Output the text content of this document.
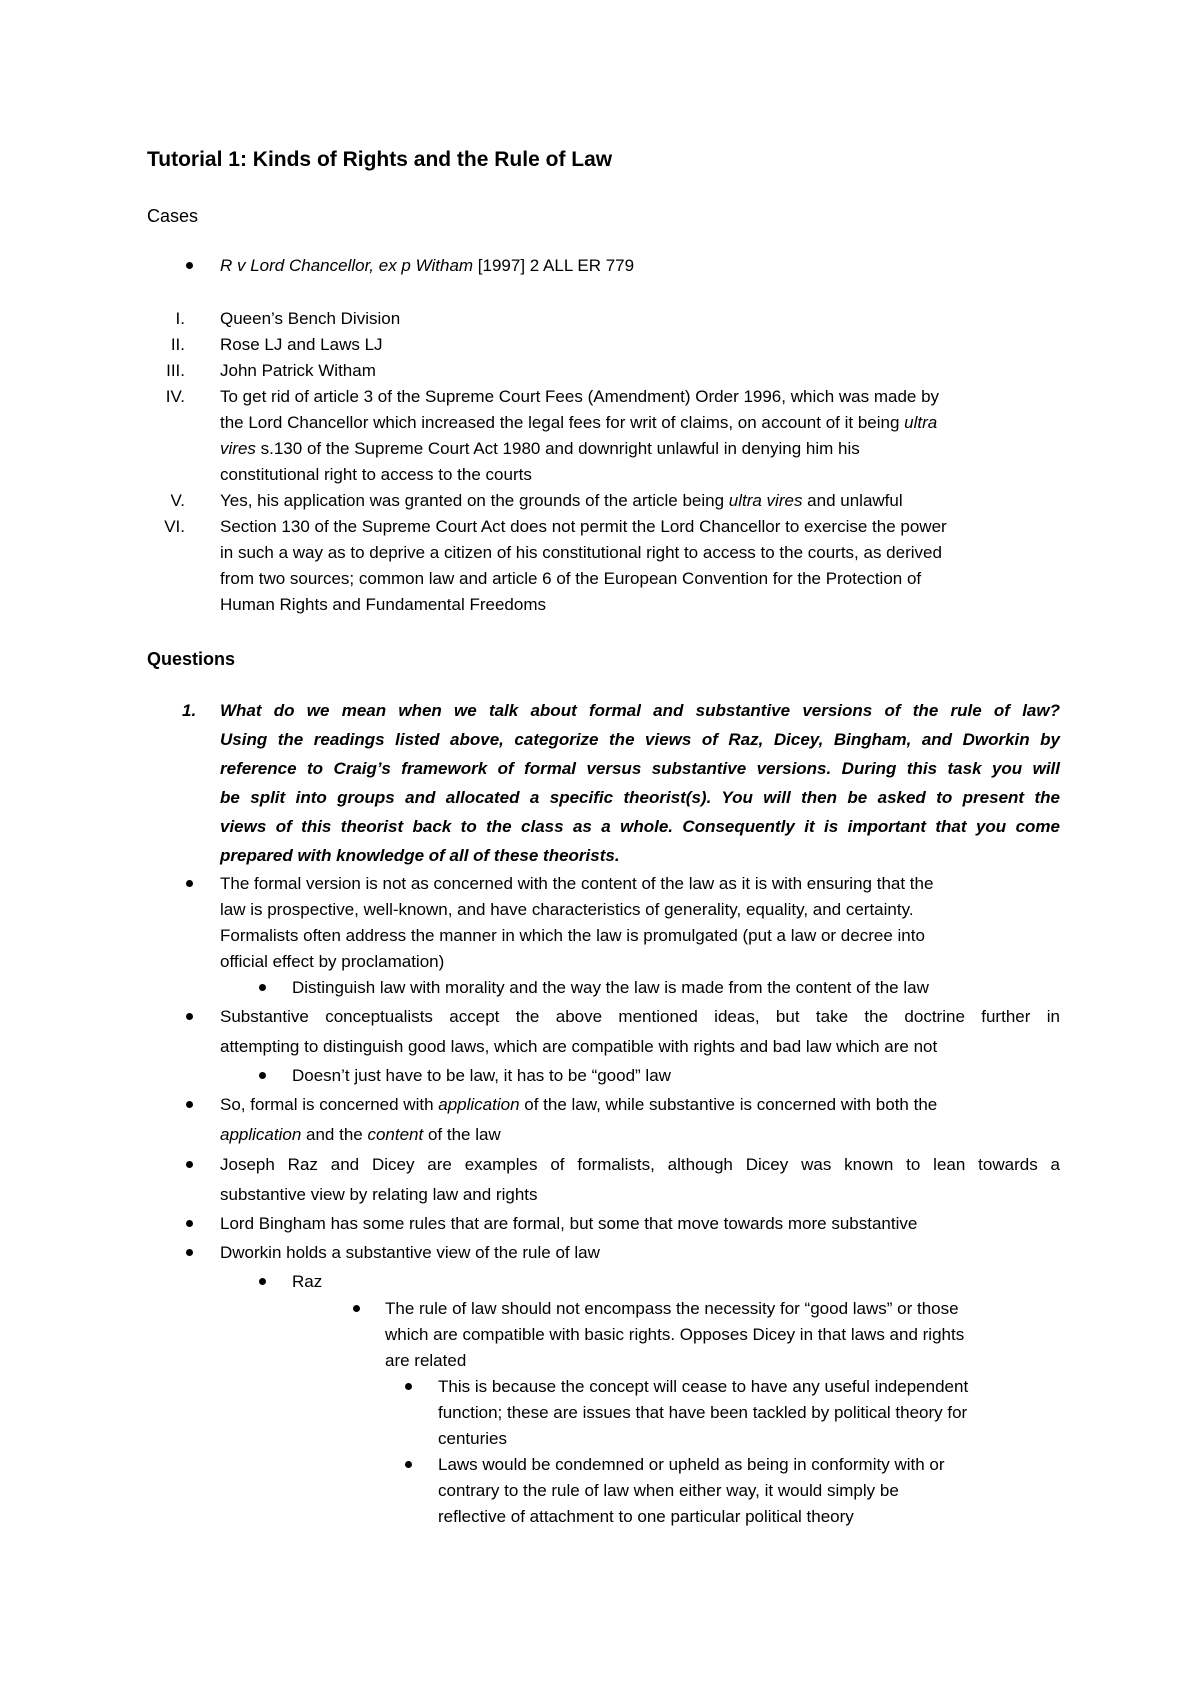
Tutorial 1: Kinds of Rights and the Rule of Law
Cases
R v Lord Chancellor, ex p Witham [1997] 2 ALL ER 779
I. Queen’s Bench Division
II. Rose LJ and Laws LJ
III. John Patrick Witham
IV. To get rid of article 3 of the Supreme Court Fees (Amendment) Order 1996, which was made by
the Lord Chancellor which increased the legal fees for writ of claims, on account of it being ultra
vires s.130 of the Supreme Court Act 1980 and downright unlawful in denying him his
constitutional right to access to the courts
V. Yes, his application was granted on the grounds of the article being ultra vires and unlawful
VI. Section 130 of the Supreme Court Act does not permit the Lord Chancellor to exercise the power
in such a way as to deprive a citizen of his constitutional right to access to the courts, as derived
from two sources; common law and article 6 of the European Convention for the Protection of
Human Rights and Fundamental Freedoms
Questions
1. What do we mean when we talk about formal and substantive versions of the rule of law?
Using the readings listed above, categorize the views of Raz, Dicey, Bingham, and Dworkin by
reference to Craig’s framework of formal versus substantive versions. During this task you will
be split into groups and allocated a specific theorist(s). You will then be asked to present the
views of this theorist back to the class as a whole. Consequently it is important that you come
prepared with knowledge of all of these theorists.
The formal version is not as concerned with the content of the law as it is with ensuring that the
law is prospective, well-known, and have characteristics of generality, equality, and certainty.
Formalists often address the manner in which the law is promulgated (put a law or decree into
official effect by proclamation)
Distinguish law with morality and the way the law is made from the content of the law
Substantive conceptualists accept the above mentioned ideas, but take the doctrine further in
attempting to distinguish good laws, which are compatible with rights and bad law which are not
Doesn’t just have to be law, it has to be “good” law
So, formal is concerned with application of the law, while substantive is concerned with both the
application and the content of the law
Joseph Raz and Dicey are examples of formalists, although Dicey was known to lean towards a
substantive view by relating law and rights
Lord Bingham has some rules that are formal, but some that move towards more substantive
Dworkin holds a substantive view of the rule of law
Raz
The rule of law should not encompass the necessity for “good laws” or those
which are compatible with basic rights. Opposes Dicey in that laws and rights
are related
This is because the concept will cease to have any useful independent
function; these are issues that have been tackled by political theory for
centuries
Laws would be condemned or upheld as being in conformity with or
contrary to the rule of law when either way, it would simply be
reflective of attachment to one particular political theory
